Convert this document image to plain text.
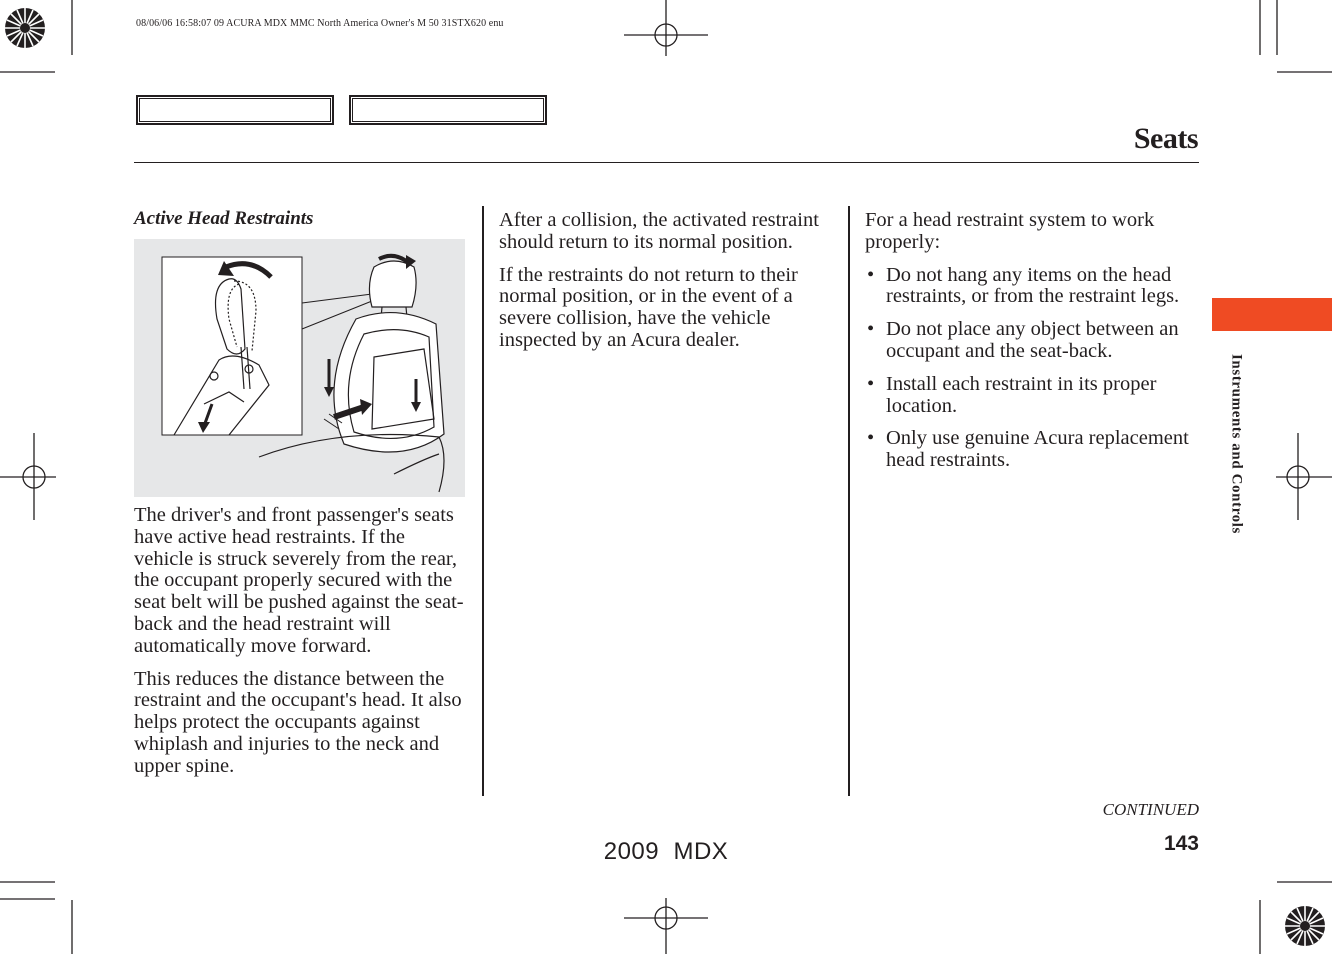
08/06/06 16:58:07 09 ACURA MDX MMC North America Owner's M 50 31STX620 enu
Seats
Instruments and Controls
Active Head Restraints

The driver's and front passenger's seats have active head restraints. If the vehicle is struck severely from the rear, the occupant properly secured with the seat belt will be pushed against the seat-back and the head restraint will automatically move forward.

This reduces the distance between the restraint and the occupant's head. It also helps protect the occupants against whiplash and injuries to the neck and upper spine.

After a collision, the activated restraint should return to its normal position.

If the restraints do not return to their normal position, or in the event of a severe collision, have the vehicle inspected by an Acura dealer.

For a head restraint system to work properly:

• Do not hang any items on the head restraints, or from the restraint legs.
• Do not place any object between an occupant and the seat-back.
• Install each restraint in its proper location.
• Only use genuine Acura replacement head restraints.
CONTINUED
143
2009  MDX
